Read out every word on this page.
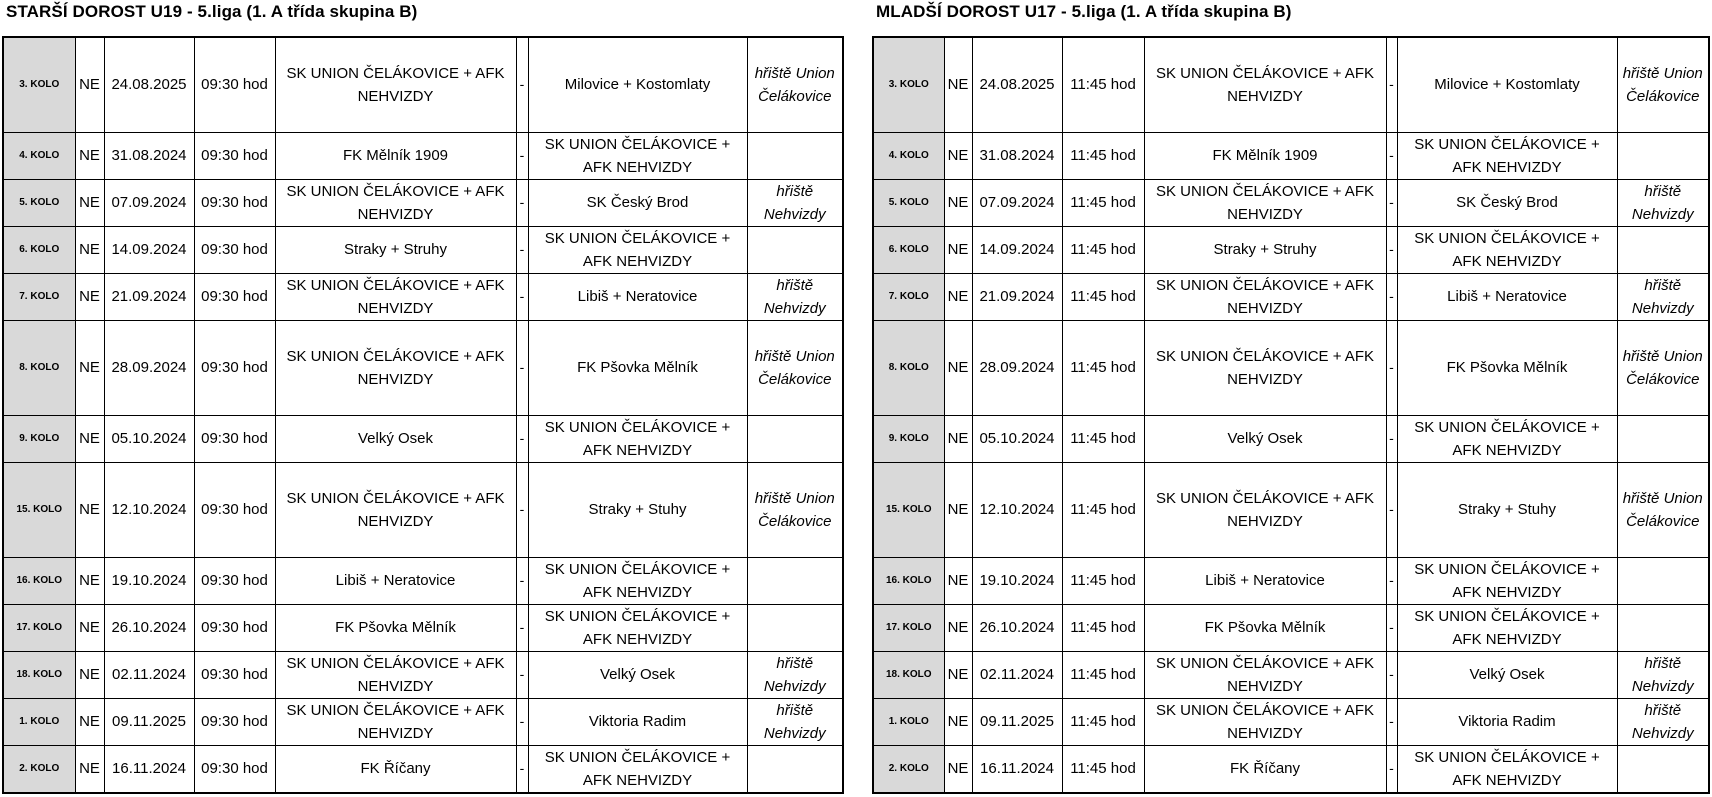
STARŠÍ DOROST U19 - 5.liga (1. A třída skupina B)	MLADŠÍ DOROST U17 - 5.liga (1. A třída skupina B)
3. KOLO	NE	24.08.2025	09:30 hod	SK UNION ČELÁKOVICE + AFK NEHVIZDY	-	Milovice + Kostomlaty	hřiště Union Čelákovice
4. KOLO	NE	31.08.2024	09:30 hod	FK Mělník 1909	-	SK UNION ČELÁKOVICE + AFK NEHVIZDY	
5. KOLO	NE	07.09.2024	09:30 hod	SK UNION ČELÁKOVICE + AFK NEHVIZDY	-	SK Český Brod	hřiště Nehvizdy
6. KOLO	NE	14.09.2024	09:30 hod	Straky + Struhy	-	SK UNION ČELÁKOVICE + AFK NEHVIZDY	
7. KOLO	NE	21.09.2024	09:30 hod	SK UNION ČELÁKOVICE + AFK NEHVIZDY	-	Libiš + Neratovice	hřiště Nehvizdy
8. KOLO	NE	28.09.2024	09:30 hod	SK UNION ČELÁKOVICE + AFK NEHVIZDY	-	FK Pšovka Mělník	hřiště Union Čelákovice
9. KOLO	NE	05.10.2024	09:30 hod	Velký Osek	-	SK UNION ČELÁKOVICE + AFK NEHVIZDY	
15. KOLO	NE	12.10.2024	09:30 hod	SK UNION ČELÁKOVICE + AFK NEHVIZDY	-	Straky + Stuhy	hřiště Union Čelákovice
16. KOLO	NE	19.10.2024	09:30 hod	Libiš + Neratovice	-	SK UNION ČELÁKOVICE + AFK NEHVIZDY	
17. KOLO	NE	26.10.2024	09:30 hod	FK Pšovka Mělník	-	SK UNION ČELÁKOVICE + AFK NEHVIZDY	
18. KOLO	NE	02.11.2024	09:30 hod	SK UNION ČELÁKOVICE + AFK NEHVIZDY	-	Velký Osek	hřiště Nehvizdy
1. KOLO	NE	09.11.2025	09:30 hod	SK UNION ČELÁKOVICE + AFK NEHVIZDY	-	Viktoria Radim	hřiště Nehvizdy
2. KOLO	NE	16.11.2024	09:30 hod	FK Říčany	-	SK UNION ČELÁKOVICE + AFK NEHVIZDY	
3. KOLO	NE	24.08.2025	11:45 hod	SK UNION ČELÁKOVICE + AFK NEHVIZDY	-	Milovice + Kostomlaty	hřiště Union Čelákovice
4. KOLO	NE	31.08.2024	11:45 hod	FK Mělník 1909	-	SK UNION ČELÁKOVICE + AFK NEHVIZDY	
5. KOLO	NE	07.09.2024	11:45 hod	SK UNION ČELÁKOVICE + AFK NEHVIZDY	-	SK Český Brod	hřiště Nehvizdy
6. KOLO	NE	14.09.2024	11:45 hod	Straky + Struhy	-	SK UNION ČELÁKOVICE + AFK NEHVIZDY	
7. KOLO	NE	21.09.2024	11:45 hod	SK UNION ČELÁKOVICE + AFK NEHVIZDY	-	Libiš + Neratovice	hřiště Nehvizdy
8. KOLO	NE	28.09.2024	11:45 hod	SK UNION ČELÁKOVICE + AFK NEHVIZDY	-	FK Pšovka Mělník	hřiště Union Čelákovice
9. KOLO	NE	05.10.2024	11:45 hod	Velký Osek	-	SK UNION ČELÁKOVICE + AFK NEHVIZDY	
15. KOLO	NE	12.10.2024	11:45 hod	SK UNION ČELÁKOVICE + AFK NEHVIZDY	-	Straky + Stuhy	hřiště Union Čelákovice
16. KOLO	NE	19.10.2024	11:45 hod	Libiš + Neratovice	-	SK UNION ČELÁKOVICE + AFK NEHVIZDY	
17. KOLO	NE	26.10.2024	11:45 hod	FK Pšovka Mělník	-	SK UNION ČELÁKOVICE + AFK NEHVIZDY	
18. KOLO	NE	02.11.2024	11:45 hod	SK UNION ČELÁKOVICE + AFK NEHVIZDY	-	Velký Osek	hřiště Nehvizdy
1. KOLO	NE	09.11.2025	11:45 hod	SK UNION ČELÁKOVICE + AFK NEHVIZDY	-	Viktoria Radim	hřiště Nehvizdy
2. KOLO	NE	16.11.2024	11:45 hod	FK Říčany	-	SK UNION ČELÁKOVICE + AFK NEHVIZDY	
